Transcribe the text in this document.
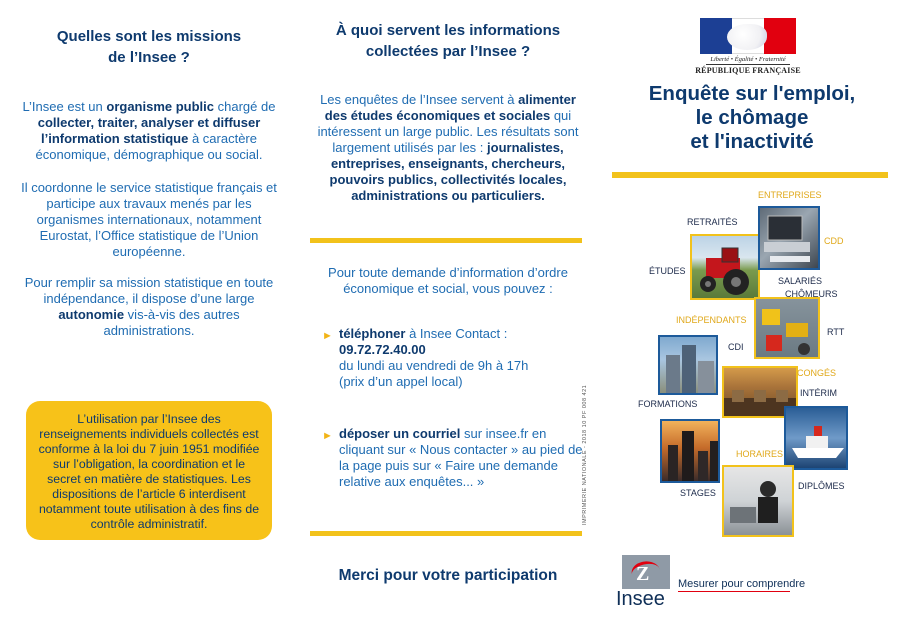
Quelles sont les missions
de l’Insee ?
L’Insee est un organisme public chargé de collecter, traiter, analyser et diffuser l’information statistique à caractère économique, démographique ou social.
Il coordonne le service statistique français et participe aux travaux menés par les organismes internationaux, notamment Eurostat, l’Office statistique de l’Union européenne.
Pour remplir sa mission statistique en toute indépendance, il dispose d’une large autonomie vis-à-vis des autres administrations.
L’utilisation par l’Insee des renseignements individuels collectés est conforme à la loi du 7 juin 1951 modifiée sur l’obligation, la coordination et le secret en matière de statistiques. Les dispositions de l’article 6 interdisent notamment toute utilisation à des fins de contrôle administratif.
À quoi servent les informations
collectées par l’Insee ?
Les enquêtes de l’Insee servent à alimenter des études économiques et sociales qui intéressent un large public. Les résultats sont largement utilisés par les : journalistes, entreprises, enseignants, chercheurs, pouvoirs publics, collectivités locales, administrations ou particuliers.
Pour toute demande d’information d’ordre économique et social, vous pouvez :
► téléphoner à Insee Contact :
09.72.72.40.00
du lundi au vendredi de 9h à 17h
(prix d’un appel local)
► déposer un courriel sur insee.fr en cliquant sur « Nous contacter » au pied de la page puis sur « Faire une demande relative aux enquêtes... »
Merci pour votre participation
IMPRIMERIE NATIONALE - 2018 10 PF 008 421
Liberté • Égalité • Fraternité
RÉPUBLIQUE FRANÇAISE
Enquête sur l'emploi,
le chômage
et l'inactivité
ENTREPRISES
RETRAITÉS
CDD
ÉTUDES
SALARIÉS
CHÔMEURS
INDÉPENDANTS
RTT
CDI
CONGÉS
INTÉRIM
FORMATIONS
HORAIRES
STAGES
DIPLÔMES
Z
Insee
Mesurer pour comprendre
